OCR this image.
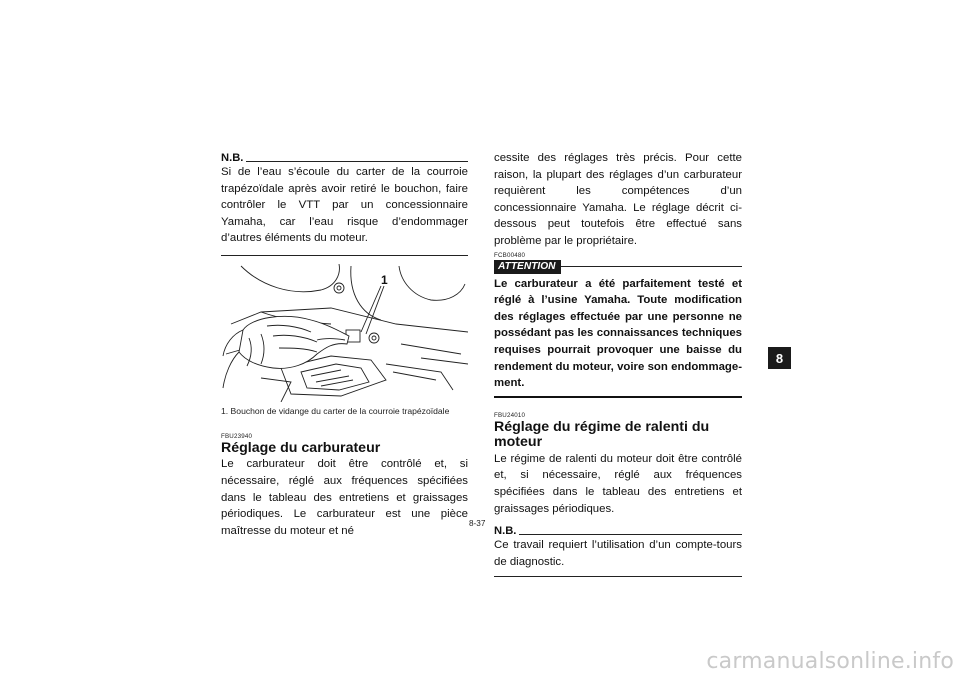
N.B.

Si de l’eau s’écoule du carter de la courroie trapézoïdale après avoir retiré le bouchon, faire contrôler le VTT par un concessionnaire Yamaha, car l’eau risque d’endommager d’autres éléments du moteur.

1
1. Bouchon de vidange du carter de la courroie trapézoïdale
FBU23940
Réglage du carburateur

Le carburateur doit être contrôlé et, si nécessaire, réglé aux fréquences spécifiées dans le tableau des entretiens et graissages périodiques. Le carburateur est une pièce maîtresse du moteur et né

cessite des réglages très précis. Pour cette raison, la plupart des réglages d’un carburateur requièrent les compétences d’un concessionnaire Yamaha. Le réglage décrit ci-dessous peut toutefois être effectué sans problème par le propriétaire.

FCB00480
ATTENTION

Le carburateur a été parfaitement testé et réglé à l’usine Yamaha. Toute modification des réglages effectuée par une personne ne possédant pas les connaissances techniques requises pourrait provoquer une baisse du rendement du moteur, voire son endommagement.

FBU24010
Réglage du régime de ralenti du moteur

Le régime de ralenti du moteur doit être contrôlé et, si nécessaire, réglé aux fréquences spécifiées dans le tableau des entretiens et graissages périodiques.

N.B.

Ce travail requiert l’utilisation d’un compte-tours de diagnostic.

8-37
8
carmanualsonline.info
